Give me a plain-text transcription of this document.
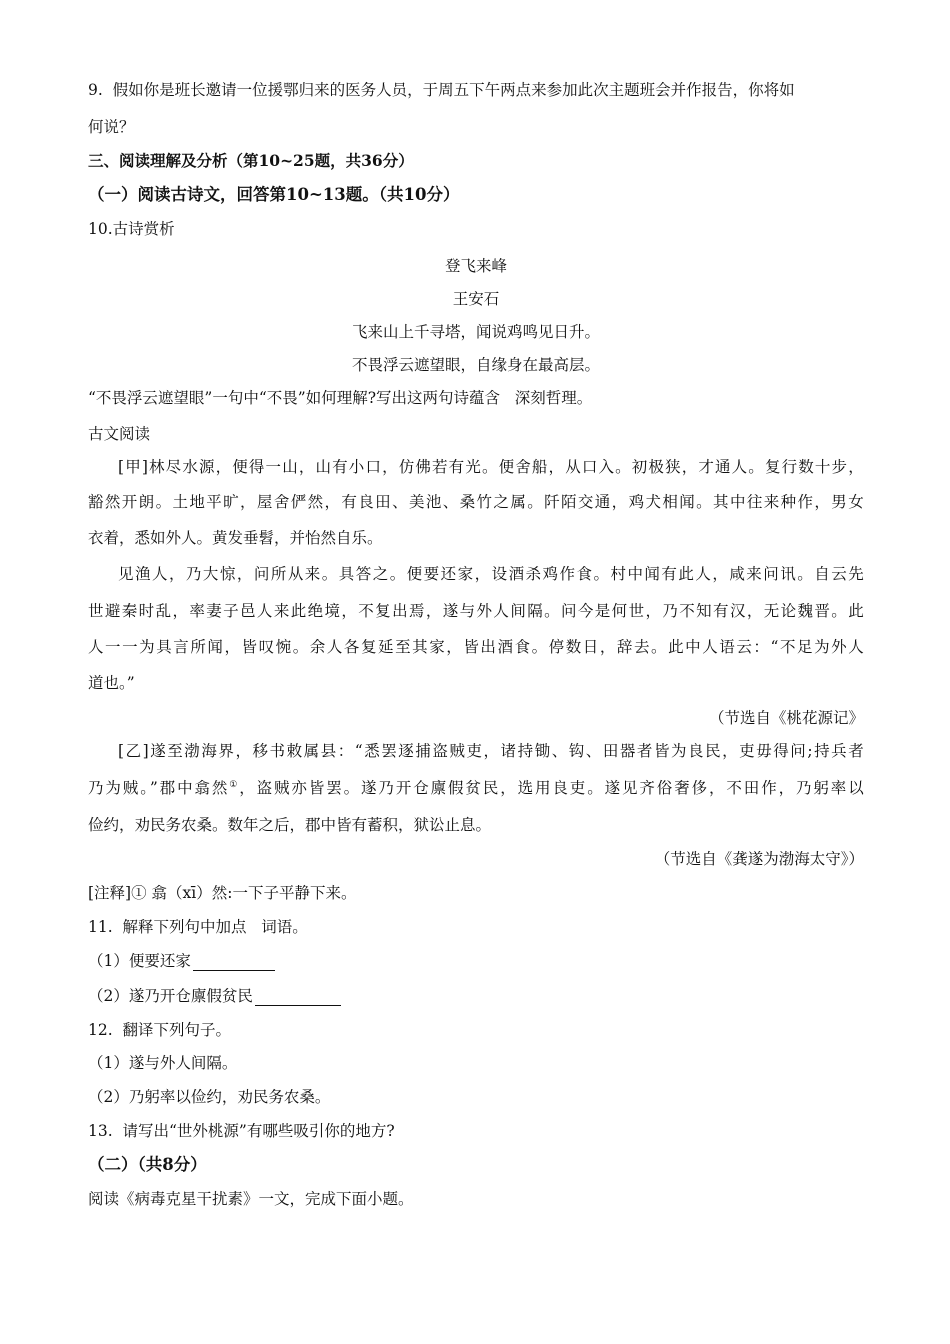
9.  假如你是班长邀请一位援鄂归来的医务人员，于周五下午两点来参加此次主题班会并作报告，你将如
何说？
三、阅读理解及分析（第10~25题，共36分）
（一）阅读古诗文，回答第10~13题。（共10分）
10.古诗赏析
登飞来峰
王安石
飞来山上千寻塔，闻说鸡鸣见日升。
不畏浮云遮望眼，自缘身在最高层。
“不畏浮云遮望眼”一句中“不畏”如何理解?写出这两句诗蕴含   深刻哲理。
古文阅读
[甲]林尽水源，便得一山，山有小口，仿佛若有光。便舍船，从口入。初极狭，才通人。复行数十步，
豁然开朗。土地平旷，屋舍俨然，有良田、美池、桑竹之属。阡陌交通，鸡犬相闻。其中往来种作，男女
衣着，悉如外人。黄发垂髫，并怡然自乐。
见渔人，乃大惊，问所从来。具答之。便要还家，设酒杀鸡作食。村中闻有此人，咸来问讯。自云先
世避秦时乱，率妻子邑人来此绝境，不复出焉，遂与外人间隔。问今是何世，乃不知有汉，无论魏晋。此
人一一为具言所闻，皆叹惋。余人各复延至其家，皆出酒食。停数日，辞去。此中人语云：“不足为外人
道也。”
（节选自《桃花源记》
[乙]遂至渤海界，移书敕属县：“悉罢逐捕盗贼吏，诸持锄、钩、田器者皆为良民，吏毋得问;持兵者
乃为贼。”郡中翕然①，盗贼亦皆罢。遂乃开仓廪假贫民，选用良吏。遂见齐俗奢侈，不田作，乃躬率以
俭约，劝民务农桑。数年之后，郡中皆有蓄积，狱讼止息。
（节选自《龚遂为渤海太守》）
[注释]① 翕（xī）然:一下子平静下来。
11.  解释下列句中加点   词语。
（1）便要还家
（2）遂乃开仓廪假贫民
12.  翻译下列句子。
（1）遂与外人间隔。
（2）乃躬率以俭约，劝民务农桑。
13.  请写出“世外桃源”有哪些吸引你的地方?
（二）（共8分）
阅读《病毒克星干扰素》一文，完成下面小题。
